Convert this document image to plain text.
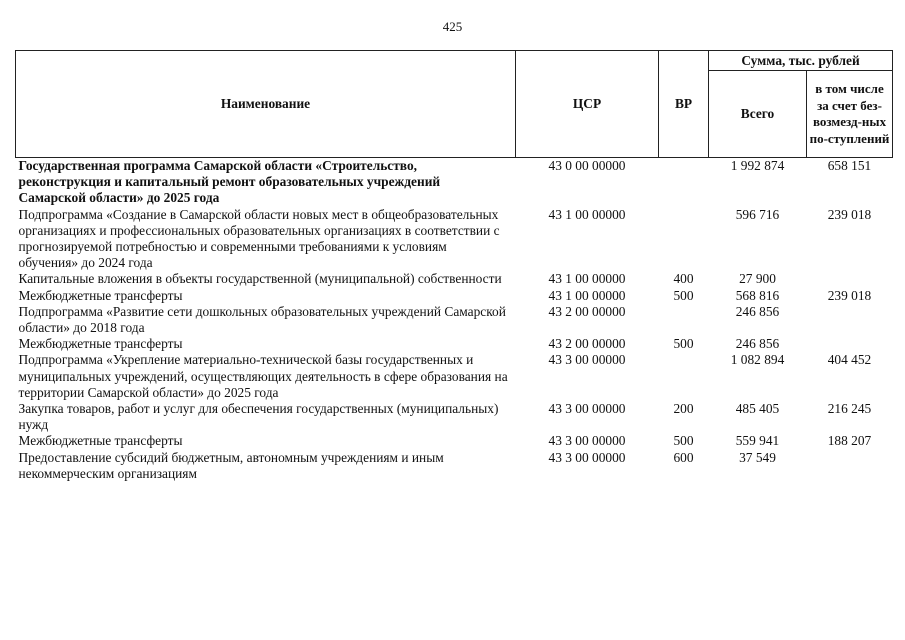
425
Наименование	ЦСР	ВР	Сумма, тыс. рублей	
			Всего	в том числе за счет без-возмезд-ных по-ступлений
Государственная программа Самарской области «Строительство, реконструкция и капитальный ремонт образовательных учреждений Самарской области» до 2025 года	43 0 00 00000		1 992 874	658 151
Подпрограмма «Создание в Самарской области новых мест в общеобразовательных организациях и профессиональных образовательных организациях в соответствии с прогнозируемой потребностью и современными требованиями к условиям обучения» до 2024 года	43 1 00 00000		596 716	239 018
Капитальные вложения в объекты государственной (муниципальной) собственности	43 1 00 00000	400	27 900	
Межбюджетные трансферты	43 1 00 00000	500	568 816	239 018
Подпрограмма «Развитие сети дошкольных образовательных учреждений Самарской области» до 2018 года	43 2 00 00000		246 856	
Межбюджетные трансферты	43 2 00 00000	500	246 856	
Подпрограмма «Укрепление материально-технической базы государственных и муниципальных учреждений, осуществляющих деятельность в сфере образования на территории Самарской области» до 2025 года	43 3 00 00000		1 082 894	404 452
Закупка товаров, работ и услуг для обеспечения государственных (муниципальных) нужд	43 3 00 00000	200	485 405	216 245
Межбюджетные трансферты	43 3 00 00000	500	559 941	188 207
Предоставление субсидий бюджетным, автономным учреждениям и иным некоммерческим организациям	43 3 00 00000	600	37 549	
